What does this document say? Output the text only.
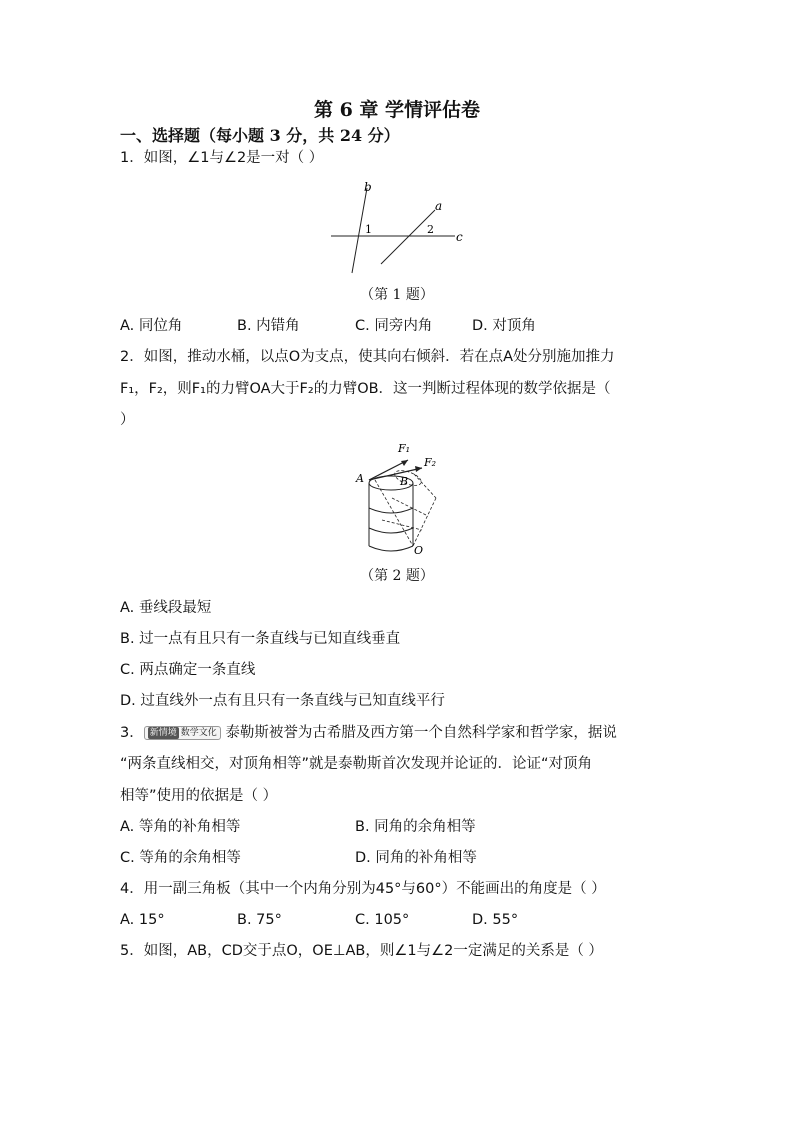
第 6 章 学情评估卷
一、选择题（每小题 3 分，共 24 分）
1．如图，∠1与∠2是一对（ ）
b
a
c
1	2
（第 1 题）
A. 同位角	B. 内错角	C. 同旁内角	D. 对顶角
2．如图，推动水桶，以点O为支点，使其向右倾斜．若在点A处分别施加推力
F₁，F₂，则F₁的力臂OA大于F₂的力臂OB．这一判断过程体现的数学依据是（
）
F₁
F₂
A	B
O
（第 2 题）
A. 垂线段最短
B. 过一点有且只有一条直线与已知直线垂直
C. 两点确定一条直线
D. 过直线外一点有且只有一条直线与已知直线平行
3． 新情境 数学文化 泰勒斯被誉为古希腊及西方第一个自然科学家和哲学家，据说
“两条直线相交，对顶角相等”就是泰勒斯首次发现并论证的．论证“对顶角
相等”使用的依据是（ ）
A. 等角的补角相等	B. 同角的余角相等
C. 等角的余角相等	D. 同角的补角相等
4．用一副三角板（其中一个内角分别为45°与60°）不能画出的角度是（ ）
A. 15°	B. 75°	C. 105°	D. 55°
5．如图，AB，CD交于点O，OE⊥AB，则∠1与∠2一定满足的关系是（ ）
